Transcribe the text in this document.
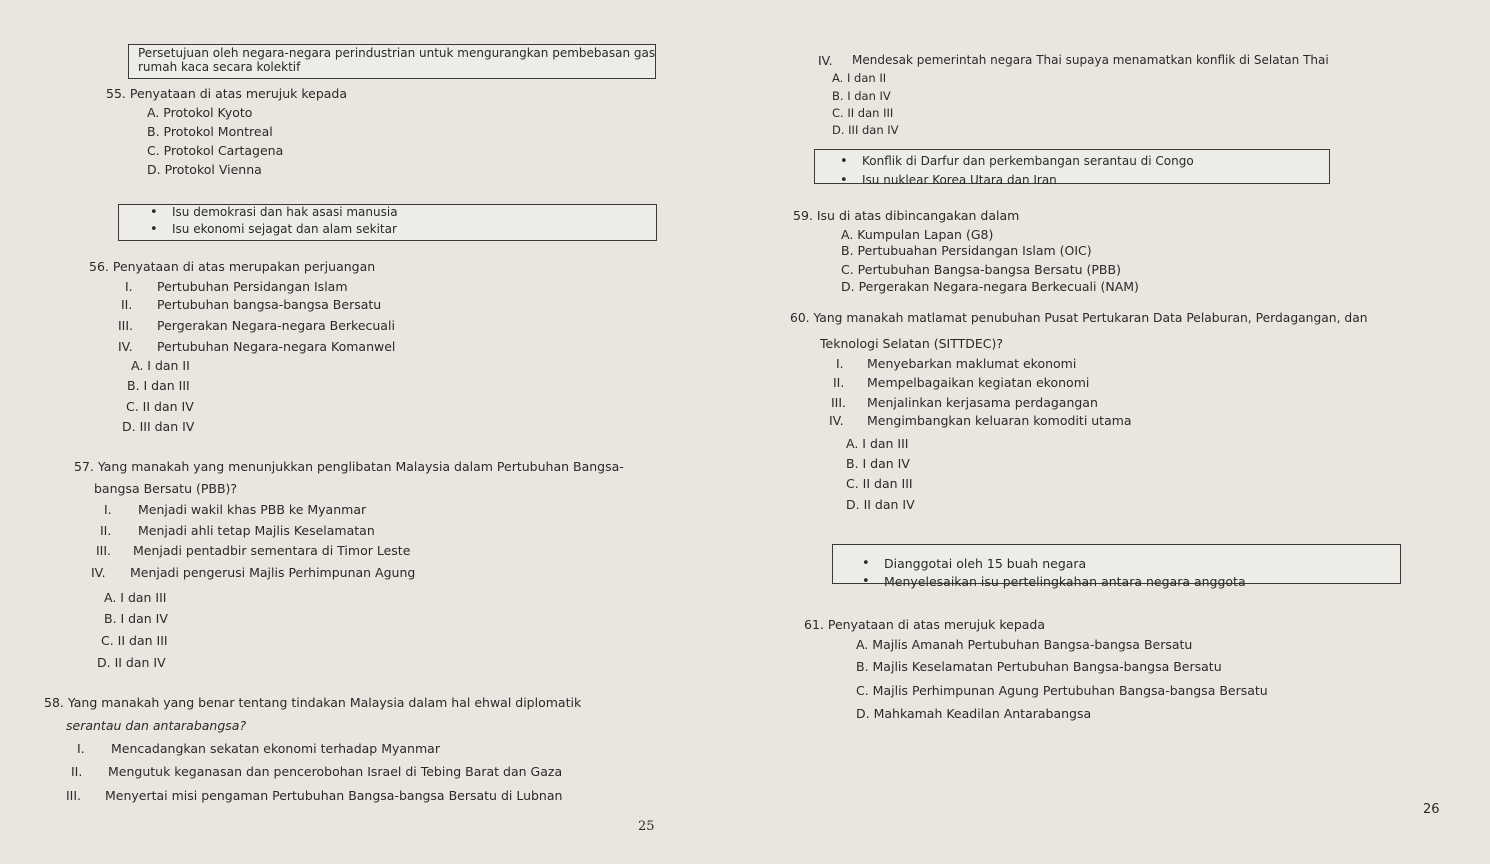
Persetujuan oleh negara-negara perindustrian untuk mengurangkan pembebasan gas
rumah kaca secara kolektif
55. Penyataan di atas merujuk kepada
A. Protokol Kyoto
B. Protokol Montreal
C. Protokol Cartagena
D. Protokol Vienna
• Isu demokrasi dan hak asasi manusia
• Isu ekonomi sejagat dan alam sekitar
56. Penyataan di atas merupakan perjuangan
I. Pertubuhan Persidangan Islam
II. Pertubuhan bangsa-bangsa Bersatu
III. Pergerakan Negara-negara Berkecuali
IV. Pertubuhan Negara-negara Komanwel
A. I dan II
B. I dan III
C. II dan IV
D. III dan IV
57. Yang manakah yang menunjukkan penglibatan Malaysia dalam Pertubuhan Bangsa-
bangsa Bersatu (PBB)?
I. Menjadi wakil khas PBB ke Myanmar
II. Menjadi ahli tetap Majlis Keselamatan
III. Menjadi pentadbir sementara di Timor Leste
IV. Menjadi pengerusi Majlis Perhimpunan Agung
A. I dan III
B. I dan IV
C. II dan III
D. II dan IV
58. Yang manakah yang benar tentang tindakan Malaysia dalam hal ehwal diplomatik
serantau dan antarabangsa?
I. Mencadangkan sekatan ekonomi terhadap Myanmar
II. Mengutuk keganasan dan pencerobohan Israel di Tebing Barat dan Gaza
III. Menyertai misi pengaman Pertubuhan Bangsa-bangsa Bersatu di Lubnan
25
IV. Mendesak pemerintah negara Thai supaya menamatkan konflik di Selatan Thai
A. I dan II
B. I dan IV
C. II dan III
D. III dan IV
• Konflik di Darfur dan perkembangan serantau di Congo
• Isu nuklear Korea Utara dan Iran
59. Isu di atas dibincangakan dalam
A. Kumpulan Lapan (G8)
B. Pertubuahan Persidangan Islam (OIC)
C. Pertubuhan Bangsa-bangsa Bersatu (PBB)
D. Pergerakan Negara-negara Berkecuali (NAM)
60. Yang manakah matlamat penubuhan Pusat Pertukaran Data Pelaburan, Perdagangan, dan
Teknologi Selatan (SITTDEC)?
I. Menyebarkan maklumat ekonomi
II. Mempelbagaikan kegiatan ekonomi
III. Menjalinkan kerjasama perdagangan
IV. Mengimbangkan keluaran komoditi utama
A. I dan III
B. I dan IV
C. II dan III
D. II dan IV
• Dianggotai oleh 15 buah negara
• Menyelesaikan isu pertelingkahan antara negara anggota
61. Penyataan di atas merujuk kepada
A. Majlis Amanah Pertubuhan Bangsa-bangsa Bersatu
B. Majlis Keselamatan Pertubuhan Bangsa-bangsa Bersatu
C. Majlis Perhimpunan Agung Pertubuhan Bangsa-bangsa Bersatu
D. Mahkamah Keadilan Antarabangsa
26
